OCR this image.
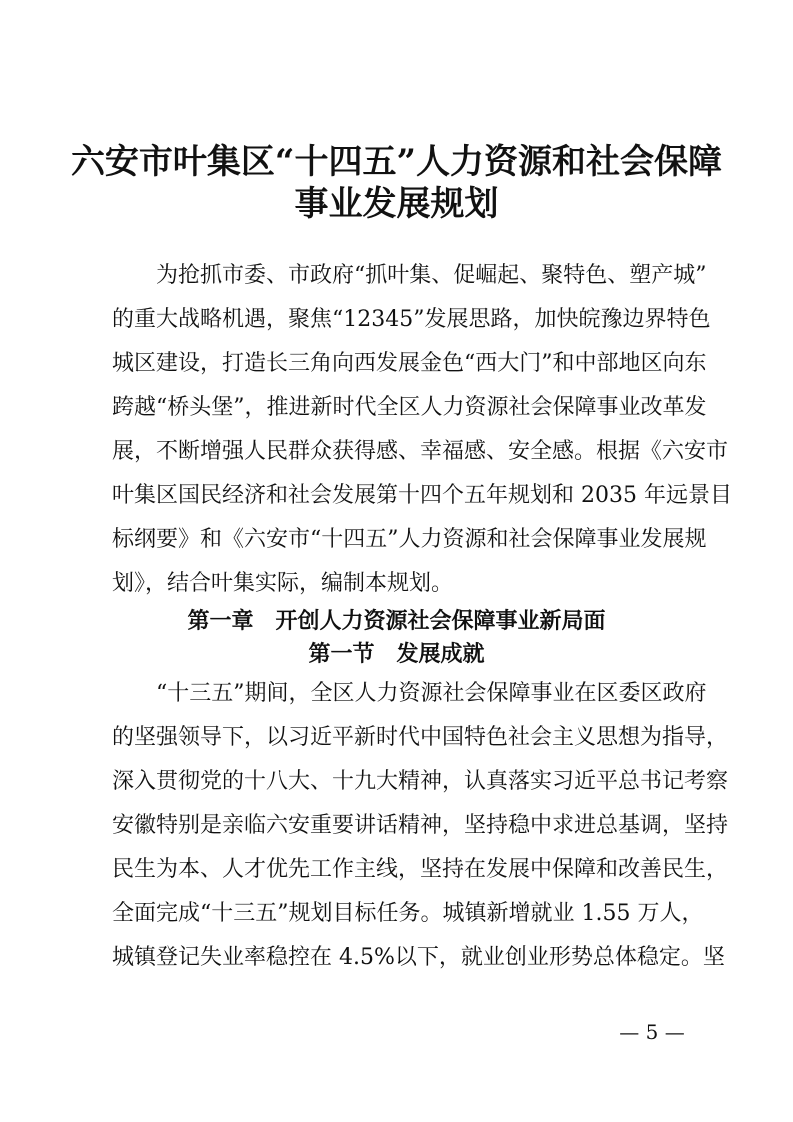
六安市叶集区“十四五”人力资源和社会保障
事业发展规划
为抢抓市委、市政府“抓叶集、促崛起、聚特色、塑产城”
的重大战略机遇，聚焦“12345”发展思路，加快皖豫边界特色
城区建设，打造长三角向西发展金色“西大门”和中部地区向东
跨越“桥头堡”，推进新时代全区人力资源社会保障事业改革发
展，不断增强人民群众获得感、幸福感、安全感。根据《六安市
叶集区国民经济和社会发展第十四个五年规划和 2035 年远景目
标纲要》和《六安市“十四五”人力资源和社会保障事业发展规
划》，结合叶集实际，编制本规划。
第一章　开创人力资源社会保障事业新局面
第一节　发展成就
“十三五”期间，全区人力资源社会保障事业在区委区政府
的坚强领导下，以习近平新时代中国特色社会主义思想为指导，
深入贯彻党的十八大、十九大精神，认真落实习近平总书记考察
安徽特别是亲临六安重要讲话精神，坚持稳中求进总基调，坚持
民生为本、人才优先工作主线，坚持在发展中保障和改善民生，
全面完成“十三五”规划目标任务。城镇新增就业 1.55 万人，
城镇登记失业率稳控在 4.5%以下，就业创业形势总体稳定。坚
— 5 —
